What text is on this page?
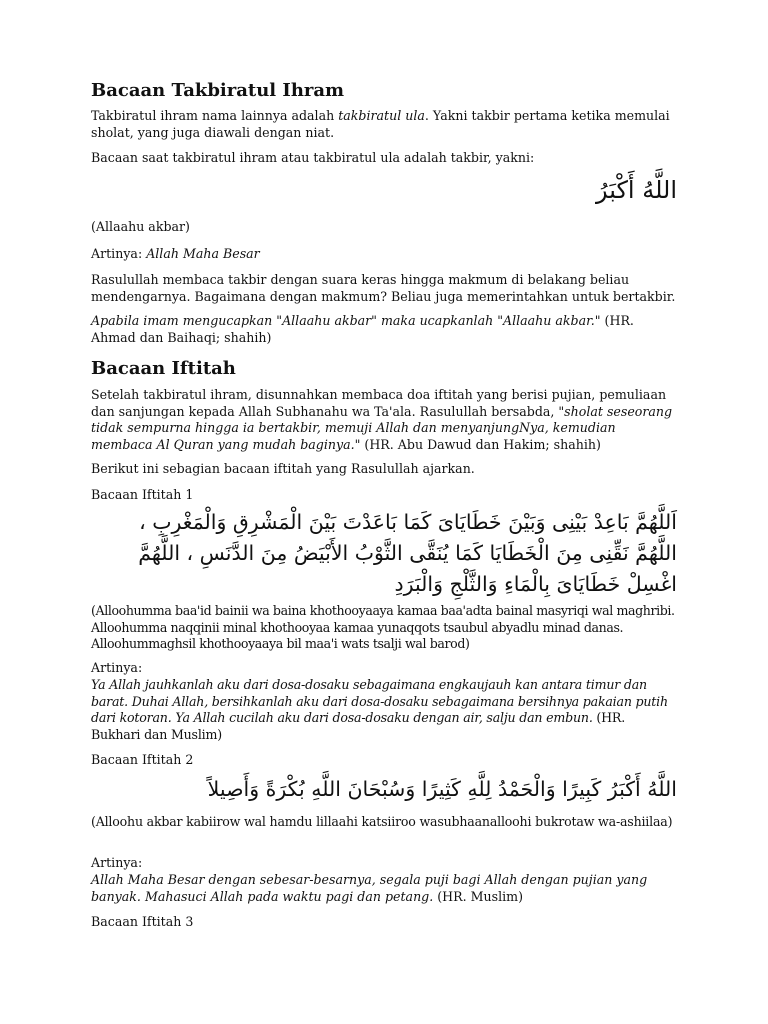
Bacaan Takbiratul Ihram

Takbiratul ihram nama lainnya adalah takbiratul ula. Yakni takbir pertama ketika memulai sholat, yang juga diawali dengan niat.

Bacaan saat takbiratul ihram atau takbiratul ula adalah takbir, yakni:

اللَّهُ أَكْبَرُ

(Allaahu akbar)

Artinya: Allah Maha Besar

Rasulullah membaca takbir dengan suara keras hingga makmum di belakang beliau mendengarnya. Bagaimana dengan makmum? Beliau juga memerintahkan untuk bertakbir.

Apabila imam mengucapkan "Allaahu akbar" maka ucapkanlah "Allaahu akbar." (HR. Ahmad dan Baihaqi; shahih)

Bacaan Iftitah

Setelah takbiratul ihram, disunnahkan membaca doa iftitah yang berisi pujian, pemuliaan dan sanjungan kepada Allah Subhanahu wa Ta'ala. Rasulullah bersabda, "sholat seseorang tidak sempurna hingga ia bertakbir, memuji Allah dan menyanjungNya, kemudian membaca Al Quran yang mudah baginya." (HR. Abu Dawud dan Hakim; shahih)

Berikut ini sebagian bacaan iftitah yang Rasulullah ajarkan.

Bacaan Iftitah 1

اَللَّهُمَّ بَاعِدْ بَيْنِى وَبَيْنَ خَطَايَاىَ كَمَا بَاعَدْتَ بَيْنَ الْمَشْرِقِ وَالْمَغْرِبِ ، اللَّهُمَّ نَقِّنِى مِنَ الْخَطَايَا كَمَا يُنَقَّى الثَّوْبُ الأَبْيَضُ مِنَ الدَّنَسِ ، اللَّهُمَّ اغْسِلْ خَطَايَاىَ بِالْمَاءِ وَالثَّلْجِ وَالْبَرَدِ

(Alloohumma baa'id bainii wa baina khothooyaaya kamaa baa'adta bainal masyriqi wal maghribi. Alloohumma naqqinii minal khothooyaa kamaa yunaqqots tsaubul abyadlu minad danas. Alloohummaghsil khothooyaaya bil maa'i wats tsalji wal barod)

Artinya:

Ya Allah jauhkanlah aku dari dosa-dosaku sebagaimana engkaujauh kan antara timur dan barat. Duhai Allah, bersihkanlah aku dari dosa-dosaku sebagaimana bersihnya pakaian putih dari kotoran. Ya Allah cucilah aku dari dosa-dosaku dengan air, salju dan embun. (HR. Bukhari dan Muslim)

Bacaan Iftitah 2

اللَّهُ أَكْبَرُ كَبِيرًا وَالْحَمْدُ لِلَّهِ كَثِيرًا وَسُبْحَانَ اللَّهِ بُكْرَةً وَأَصِيلاً

(Alloohu akbar kabiirow wal hamdu lillaahi katsiiroo wasubhaanalloohi bukrotaw wa-ashiilaa)

Artinya:

Allah Maha Besar dengan sebesar-besarnya, segala puji bagi Allah dengan pujian yang banyak. Mahasuci Allah pada waktu pagi dan petang. (HR. Muslim)

Bacaan Iftitah 3
